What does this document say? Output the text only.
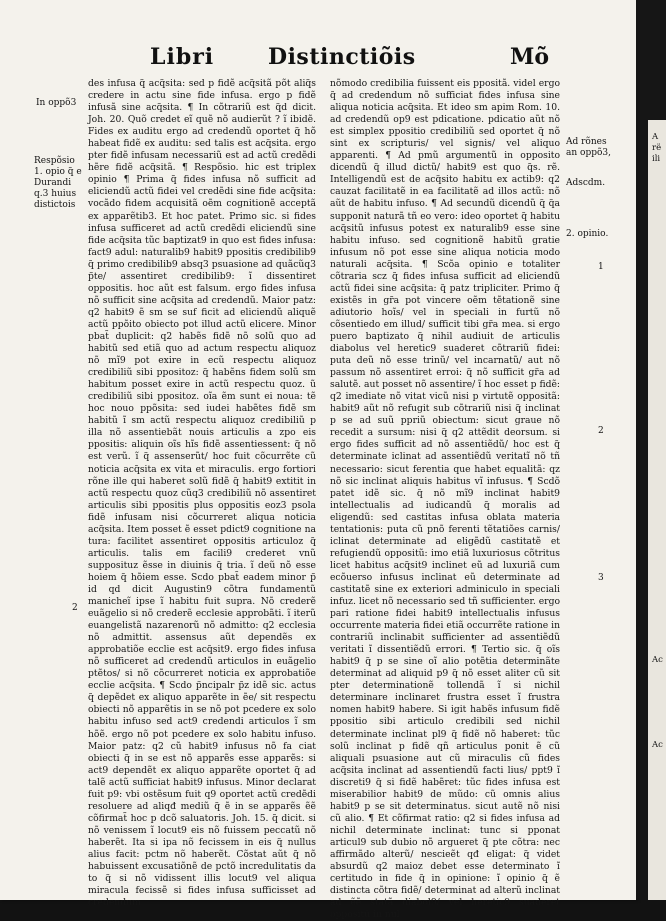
Libri Distinctiõis	Mõ
In oppõ3
Respõsio
1. opio q̃ e
Durandi
q.3 huius
distictois
2

des infusa q̃ acq̃sita: sed p fidẽ acq̃sitã põt aliq̃s credere in actu sine fide infusa. ergo p fidẽ infusã sine acq̃sita. ¶ In cõtrariũ est q̃d dicit. Joh. 20. Quõ credet eĩ quẽ nõ audierũt ? ĩ ibidẽ. Fides ex auditu ergo ad credendũ oportet q̃ hõ habeat fidẽ ex auditu: sed talis est acq̃sita. ergo pter fidẽ infusam necessariũ est ad actũ credẽdi hẽre fidẽ acq̃sitã. ¶ Respõsio. hic est triplex opinio ¶ Prima q̃ fides infusa nõ sufficit ad eliciendũ actũ fidei vel credẽdi sine fide acq̃sita: vocãdo fidem acquisitã oẽm cognitionẽ acceptã ex apparẽtib3. Et hoc patet. Primo sic. si fides infusa sufficeret ad actũ credẽdi eliciendũ sine fide acq̃sita tũc baptizat9 in quo est fides infusa: fact9 adul: naturalib9 habit9 ppositis credibilib9 q̃ primo credibilib9 absq3 psuasione ad quãcũq3 p̃te/ assentiret credibilib9: ĩ dissentiret oppositis. hoc aũt est falsum. ergo fides infusa nõ sufficit sine acq̃sita ad credendũ. Maior patz: q2 habit9 ẽ sm se suf ficit ad eliciendũ aliquẽ actũ ppõito obiecto pot illud actũ elicere. Minor pbat̃ duplicit: q2 habẽs fidẽ nõ solũ quo ad habitũ sed etiã quo ad actum respectu aliquoz nõ mĩ9 pot exire in ecũ respectu aliquoz credibiliũ sibi ppositoz: q̃ habẽns fidem solũ sm habitum posset exire in actũ respectu quoz. ũ credibiliũ sibi ppositoz. oĩa ẽm sunt ei noua: tẽ hoc nouo ppõsita: sed iudei habẽtes fidẽ sm habitũ ĩ sm actũ respectu aliquoz credibiliũ p illa nõ assentiebãt nouis articulis a zpo eis ppositis: aliquin oĩs hĩs fidẽ assentiessent: q̃ nõ est verũ. ĩ q̃ assenserũt/ hoc fuit cõcurrẽte cũ noticia acq̃sita ex vita et miraculis. ergo fortiori rõne ille qui haberet solũ fidẽ q̃ habit9 extitit in actũ respectu quoz cũq3 credibiliũ nõ assentiret articulis sibi ppositis plus oppositis eoz3 psola fidẽ infusam nisi cõcurreret aliqua noticia acq̃sita. Item posset ẽ esset pdict9 cognitione na tura: facilitet assentiret oppositis articuloz q̃ articulis. talis em facili9 crederet vnũ supposituz ẽsse in diuinis q̃ tria. ĩ deũ nõ esse hoiem q̃ hõiem esse. Scdo pbat̃ eadem minor p̃ id qd dicit Augustin9 cõtra fundamentũ manicheĩ ipse ĩ habitu fuit supra. Nõ crederẽ euãgelio si nõ crederẽ ecclesie approbãti. ĩ iterũ euangelistã nazarenorũ nõ admitto: q2 ecclesia nõ admittit. assensus aũt dependẽs ex approbatiõe ecclie est acq̃sit9. ergo fides infusa nõ sufficeret ad credendũ articulos in euãgelio ptẽtos/ si nõ cõcurreret noticia ex approbatiõe ecclie acq̃sita. ¶ Scdo p̃ncipalr p̃z idẽ sic. actus q̃ depẽdet ex aliquo apparẽte in ẽe/ sit respectu obiecti nõ apparẽtis in se nõ pot pcedere ex solo habitu infuso sed act9 credendi articulos ĩ sm hõẽ. ergo nõ pot pcedere ex solo habitu infuso. Maior patz: q2 cũ habit9 infusus nõ fa ciat obiecti q̃ in se est nõ apparẽs esse apparẽs: si act9 dependẽt ex aliquo apparẽte oportet q̃ ad talẽ actũ sufficiat habit9 infusus. Minor declarat fuit p9: vbi ostẽsum fuit q9 oportet actũ credẽdi resoluere ad aliqđ mediũ q̃ ẽ in se apparẽs ẽẽ cõfirmat̃ hoc p dcõ saluatoris. Joh. 15. q̃ dicit. si nõ venissem ĩ locut9 eis nõ fuissem peccatũ nõ haberẽt. Ita si ipa nõ fecissem in eis q̃ nullus alius facit: pctm nõ haberẽt. Cõstat aũt q̃ nõ habuissent excusatiõnẽ de pctõ incredulitatis da to q̃ si nõ vidissent illis locut9 vel aliqua miracula fecissẽ si fides infusa sufficisset ad credendum

nõmodo credibilia fuissent eis ppositã. videl ergo q̃ ad credendum nõ sufficiat fides infusa sine aliqua noticia acq̃sita. Et ideo sm apim Rom. 10. ad credendũ op9 est pdicatione. pdicatio aũt nõ est simplex ppositio credibiliũ sed oportet q̃ nõ sint ex scripturis/ vel signis/ vel aliquo apparenti. ¶ Ad pmũ argumentũ in opposito dicendũ q̃ illud dictũ/ habit9 est quo q̃s. rẽ. Intelligendũ est de acq̃sito habitu ex actib9: q2 cauzat facilitatẽ in ea facilitatẽ ad illos actũ: nõ aũt de habitu infuso. ¶ Ad secundũ dicendũ q̃ q̃a supponit naturã tñ eo vero: ideo oportet q̃ habitu acq̃sitũ infusus potest ex naturalib9 esse sine habitu infuso. sed cognitionẽ habitũ gratie infusum nõ pot esse sine aliqua noticia modo naturali acq̃sita. ¶ Scõa opinio e totaliter cõtraria scz q̃ fides infusa sufficit ad eliciendũ actũ fidei sine acq̃sita: q̃ patz tripliciter. Primo q̃ existẽs in gr̃a pot vincere oẽm tẽtationẽ sine adiutorio hoĩs/ vel in speciali in furtũ nõ cõsentiedo em illud/ sufficit tibi gr̃a mea. si ergo puero baptizato q̃ nihil audiuit de articulis diabolus vel heretic9 suaderet cõtrariũ fidei: puta deũ nõ esse trinũ/ vel incarnatũ/ aut nõ passum nõ assentiret erroi: q̃ nõ sufficit gr̃a ad salutẽ. aut posset nõ assentire/ ĩ hoc esset p fidẽ: q2 imediate nõ vitat vicũ nisi p virtutẽ oppositã: habit9 aũt nõ refugit sub cõtrariũ nisi q̃ inclinat p se ad suũ ppriũ obiectum: sicut graue nõ recedit a sursum: nisi q̃ q2 attẽdit deorsum. si ergo fides sufficit ad nõ assentiẽdũ/ hoc est q̃ determinate iclinat ad assentiẽdũ veritatĩ nõ tñ necessario: sicut ferentia que habet equalitã: qz nõ sic inclinat aliquis habitus vĩ infusus. ¶ Scdõ patet idẽ sic. q̃ nõ mĩ9 inclinat habit9 intellectualis ad iudicandũ q̃ moralis ad eligendũ: sed castitas infusa oblata materia tentationis: puta cũ pnõ ferenti tẽtatiões carnis/ iclinat determinate ad eligẽdũ castitatẽ et refugiendũ oppositũ: imo etiã luxuriosus cõtritus licet habitus acq̃sit9 inclinet eũ ad luxuriã cum ecõuerso infusus inclinat eũ determinate ad castitatẽ sine ex exteriori adminiculo in speciali infuz. licet nõ necessario sed tñ sufficienter. ergo pari ratione fidei habit9 intellectualis infusus occurrente materia fidei etiã occurrẽte ratione in contrariũ inclinabit sufficienter ad assentiẽdũ veritati ĩ dissentiẽdũ errori. ¶ Tertio sic. q̃ oĩs habit9 q̃ p se sine oĩ alio potẽtia determinãte determinat ad aliquid p9 q̃ nõ esset aliter cũ sit pter determinationẽ tollendã ĩ si nichil determinare inclinaret frustra esset ĩ frustra nomen habit9 habere. Si igit habẽs infusum fidẽ ppositio sibi articulo credibili sed nichil determinate inclinat pl9 q̃ fidẽ nõ haberet: tũc solũ inclinat p fidẽ qñ articulus ponit ẽ cũ aliquali psuasione aut cũ miraculis cũ fides acq̃sita inclinat ad assentiendũ facti lius/ ppt9 ĩ discreti9 q̃ si fidẽ habẽret: tũc fides infusa est miserabilior habit9 de mũdo: cũ omnis alius habit9 p se sit determinatus. sicut autẽ nõ nisi cũ alio. ¶ Et cõfirmat ratio: q2 si fides infusa ad nichil determinate inclinat: tunc si pponat articul9 sub dubio nõ argueret q̃ pte cõtra: nec affirmãdo alterũ/ nescieẽt qđ eligat: q̃ videt absurdũ q2 maioz debet esse determinato ĩ certitudo in fide q̃ in opinione: ĩ opinio q̃ ẽ distincta cõtra fidẽ/ determinat ad alterũ inclinat ad ẽẽ statã diabol9/ vel heretic9 suaderet oppositũ in nul

Ad rõnes
an oppõ3,
Adscdm.
2. opinio.
1
2
3
A
rë
ili
Ac
Ac
